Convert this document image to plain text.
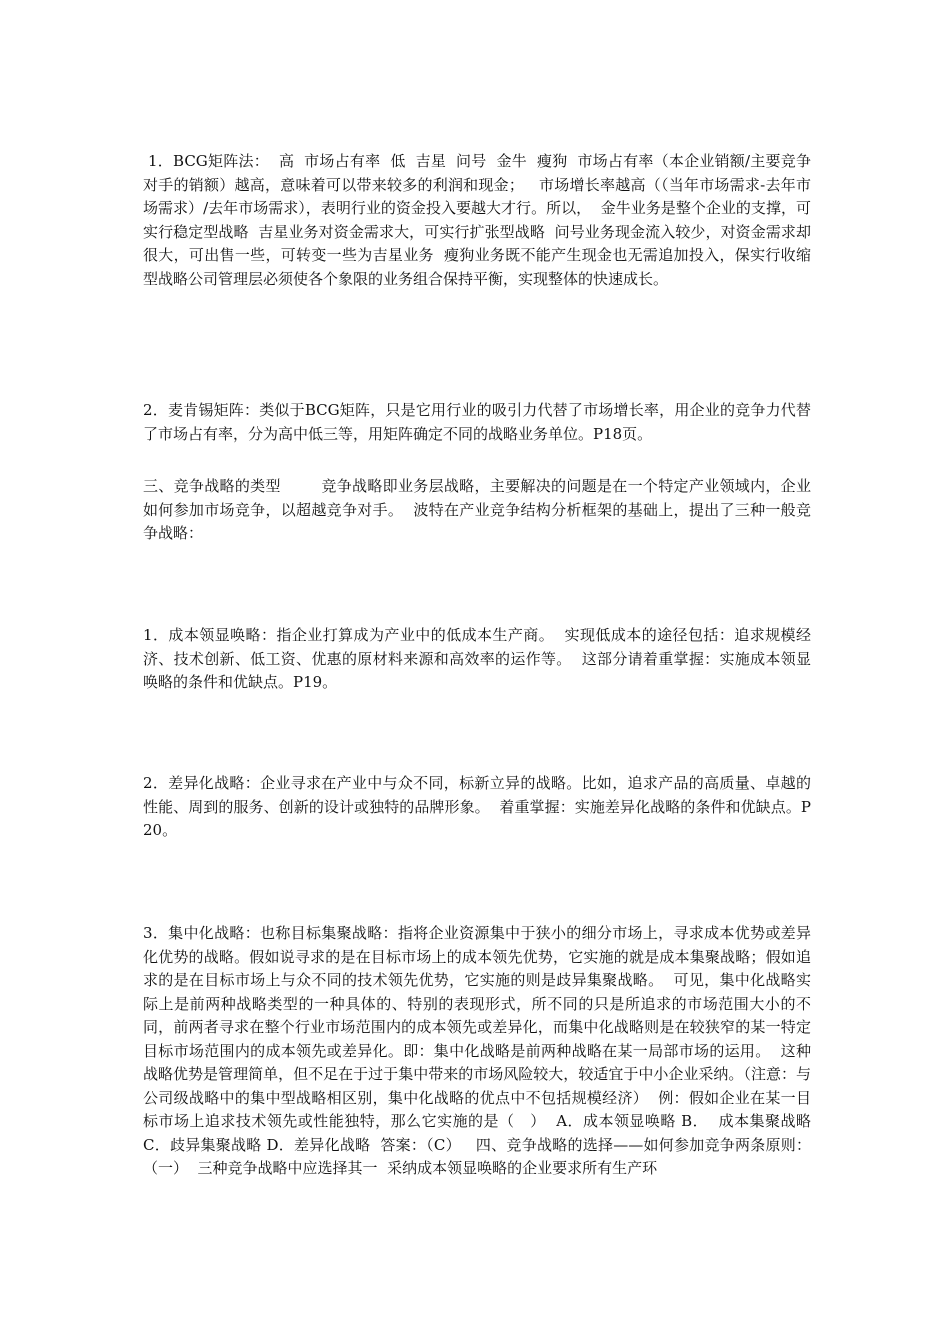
1．BCG矩阵法：  高  市场占有率  低  吉星  问号  金牛  瘦狗  市场占有率（本企业销额/主要竞争对手的销额）越高，意味着可以带来较多的利润和现金；   市场增长率越高（（当年市场需求-去年市场需求）/去年市场需求），表明行业的资金投入要越大才行。所以，  金牛业务是整个企业的支撑，可实行稳定型战略  吉星业务对资金需求大，可实行扩张型战略  问号业务现金流入较少，对资金需求却很大，可出售一些，可转变一些为吉星业务  瘦狗业务既不能产生现金也无需追加投入，保实行收缩型战略公司管理层必须使各个象限的业务组合保持平衡，实现整体的快速成长。

2．麦肯锡矩阵：类似于BCG矩阵，只是它用行业的吸引力代替了市场增长率，用企业的竞争力代替了市场占有率，分为高中低三等，用矩阵确定不同的战略业务单位。P18页。

三、竞争战略的类型        竞争战略即业务层战略，主要解决的问题是在一个特定产业领域内，企业如何参加市场竞争，以超越竞争对手。  波特在产业竞争结构分析框架的基础上，提出了三种一般竞争战略：

1．成本领显唤略：指企业打算成为产业中的低成本生产商。  实现低成本的途径包括：追求规模经济、技术创新、低工资、优惠的原材料来源和高效率的运作等。  这部分请着重掌握：实施成本领显唤略的条件和优缺点。P19。

2．差异化战略：企业寻求在产业中与众不同，标新立异的战略。比如，追求产品的高质量、卓越的性能、周到的服务、创新的设计或独特的品牌形象。  着重掌握：实施差异化战略的条件和优缺点。P20。

3．集中化战略：也称目标集聚战略：指将企业资源集中于狭小的细分市场上，寻求成本优势或差异化优势的战略。假如说寻求的是在目标市场上的成本领先优势，它实施的就是成本集聚战略；假如追求的是在目标市场上与众不同的技术领先优势，它实施的则是歧异集聚战略。  可见，集中化战略实际上是前两种战略类型的一种具体的、特别的表现形式，所不同的只是所追求的市场范围大小的不同，前两者寻求在整个行业市场范围内的成本领先或差异化，而集中化战略则是在较狭窄的某一特定目标市场范围内的成本领先或差异化。即：集中化战略是前两种战略在某一局部市场的运用。  这种战略优势是管理简单，但不足在于过于集中带来的市场风险较大，较适宜于中小企业采纳。（注意：与公司级战略中的集中型战略相区别，集中化战略的优点中不包括规模经济）  例：假如企业在某一目标市场上追求技术领先或性能独特，那么它实施的是（   ）  A．成本领显唤略 B．  成本集聚战略  C．歧异集聚战略 D．差异化战略  答案：（C）   四、竞争战略的选择——如何参加竞争两条原则：    （一）  三种竞争战略中应选择其一  采纳成本领显唤略的企业要求所有生产环
